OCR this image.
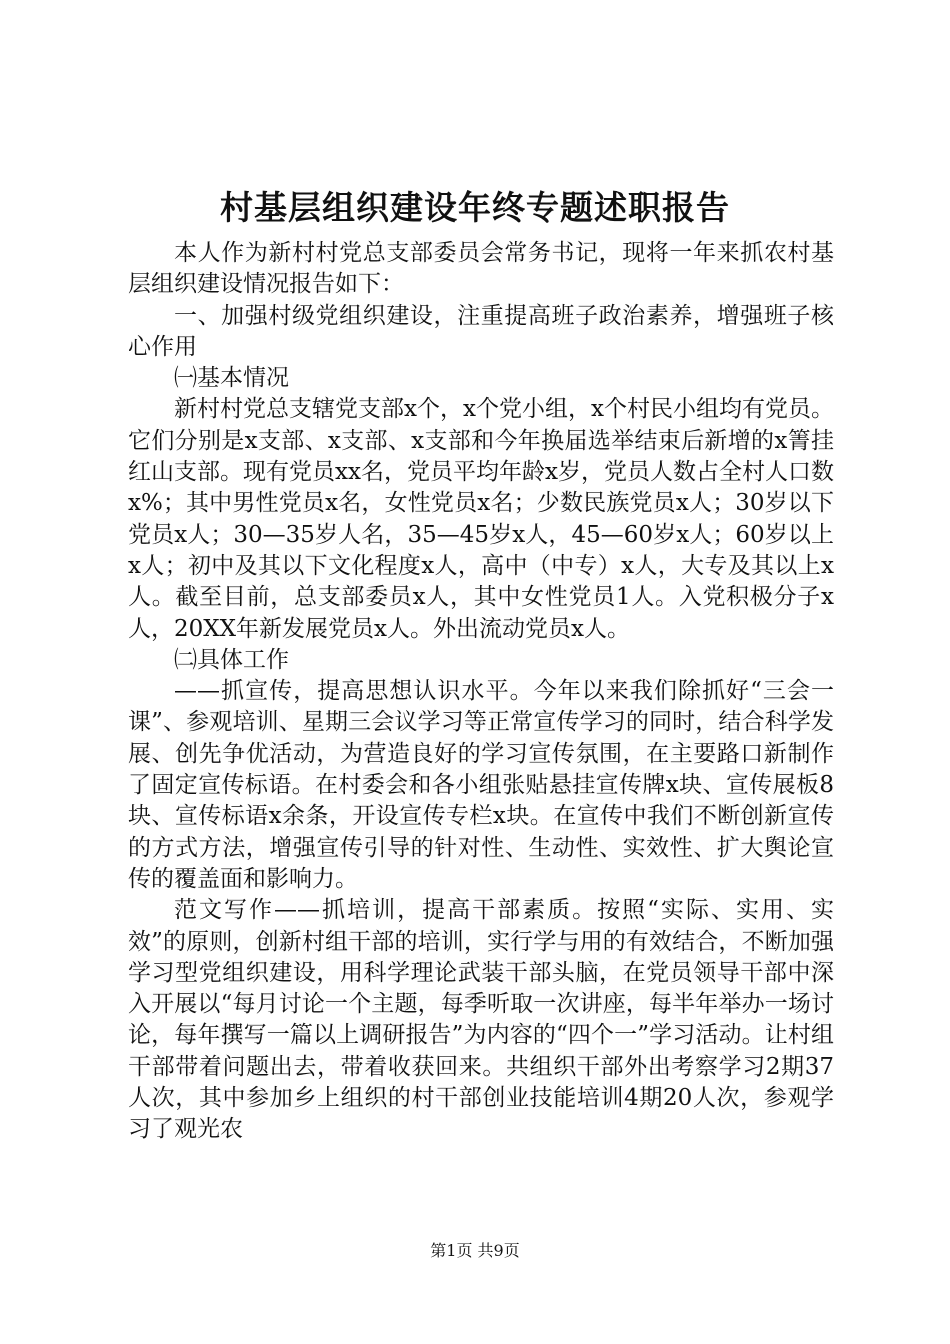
村基层组织建设年终专题述职报告

本人作为新村村党总支部委员会常务书记，现将一年来抓农村基层组织建设情况报告如下：

一、加强村级党组织建设，注重提高班子政治素养，增强班子核心作用

㈠基本情况

新村村党总支辖党支部x个，x个党小组，x个村民小组均有党员。它们分别是x支部、x支部、x支部和今年换届选举结束后新增的x箐挂红山支部。现有党员xx名，党员平均年龄x岁，党员人数占全村人口数x%；其中男性党员x名，女性党员x名；少数民族党员x人；30岁以下党员x人；30—35岁人名，35—45岁x人，45—60岁x人；60岁以上x人；初中及其以下文化程度x人，高中（中专）x人，大专及其以上x人。截至目前，总支部委员x人，其中女性党员1人。入党积极分子x人，20XX年新发展党员x人。外出流动党员x人。

㈡具体工作

——抓宣传，提高思想认识水平。今年以来我们除抓好“三会一课”、参观培训、星期三会议学习等正常宣传学习的同时，结合科学发展、创先争优活动，为营造良好的学习宣传氛围，在主要路口新制作了固定宣传标语。在村委会和各小组张贴悬挂宣传牌x块、宣传展板8块、宣传标语x余条，开设宣传专栏x块。在宣传中我们不断创新宣传的方式方法，增强宣传引导的针对性、生动性、实效性、扩大舆论宣传的覆盖面和影响力。

范文写作——抓培训，提高干部素质。按照“实际、实用、实效”的原则，创新村组干部的培训，实行学与用的有效结合，不断加强学习型党组织建设，用科学理论武装干部头脑，在党员领导干部中深入开展以“每月讨论一个主题，每季听取一次讲座，每半年举办一场讨论，每年撰写一篇以上调研报告”为内容的“四个一”学习活动。让村组干部带着问题出去，带着收获回来。共组织干部外出考察学习2期37人次，其中参加乡上组织的村干部创业技能培训4期20人次，参观学习了观光农

第1页 共9页
